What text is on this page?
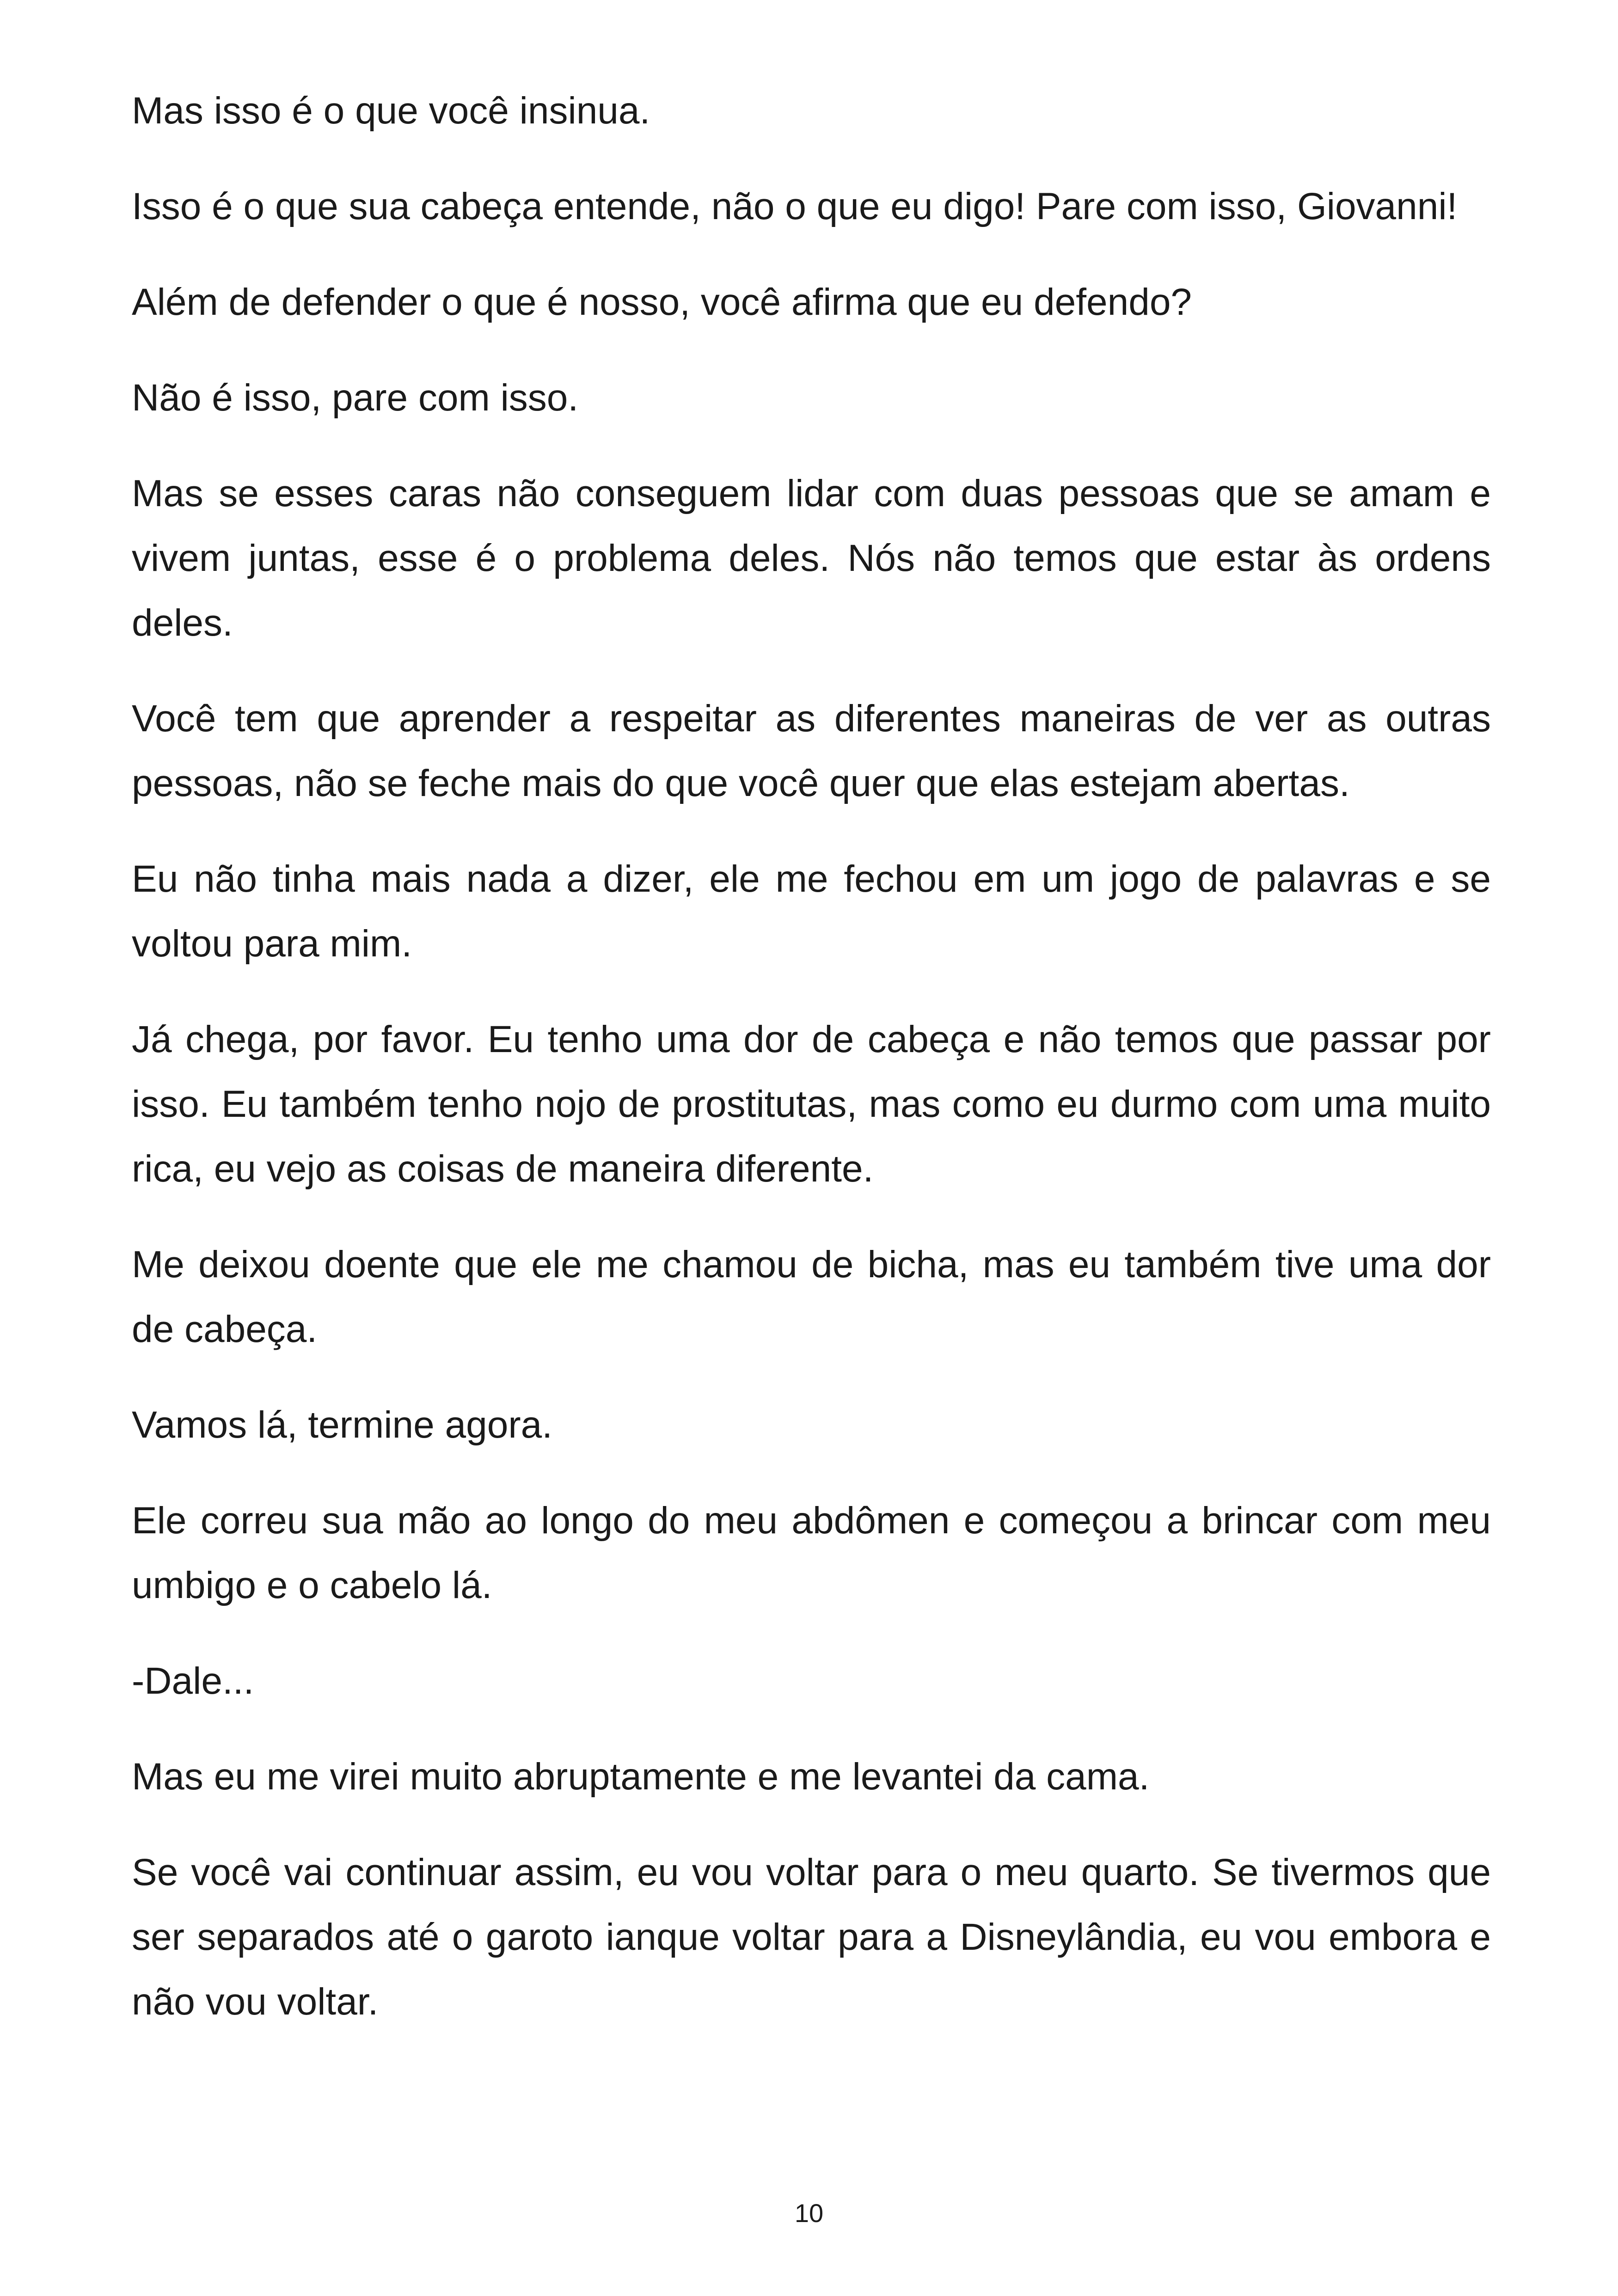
Mas isso é o que você insinua.

Isso é o que sua cabeça entende, não o que eu digo! Pare com isso, Giovanni!

Além de defender o que é nosso, você afirma que eu defendo?

Não é isso, pare com isso.

Mas se esses caras não conseguem lidar com duas pessoas que se amam e vivem juntas, esse é o problema deles. Nós não temos que estar às ordens deles.

Você tem que aprender a respeitar as diferentes maneiras de ver as outras pessoas, não se feche mais do que você quer que elas estejam abertas.

Eu não tinha mais nada a dizer, ele me fechou em um jogo de palavras e se voltou para mim.

Já chega, por favor. Eu tenho uma dor de cabeça e não temos que passar por isso. Eu também tenho nojo de prostitutas, mas como eu durmo com uma muito rica, eu vejo as coisas de maneira diferente.

Me deixou doente que ele me chamou de bicha, mas eu também tive uma dor de cabeça.

Vamos lá, termine agora.

Ele correu sua mão ao longo do meu abdômen e começou a brincar com meu umbigo e o cabelo lá.

-Dale...

Mas eu me virei muito abruptamente e me levantei da cama.

Se você vai continuar assim, eu vou voltar para o meu quarto. Se tivermos que ser separados até o garoto ianque voltar para a Disneylândia, eu vou embora e não vou voltar.

10
